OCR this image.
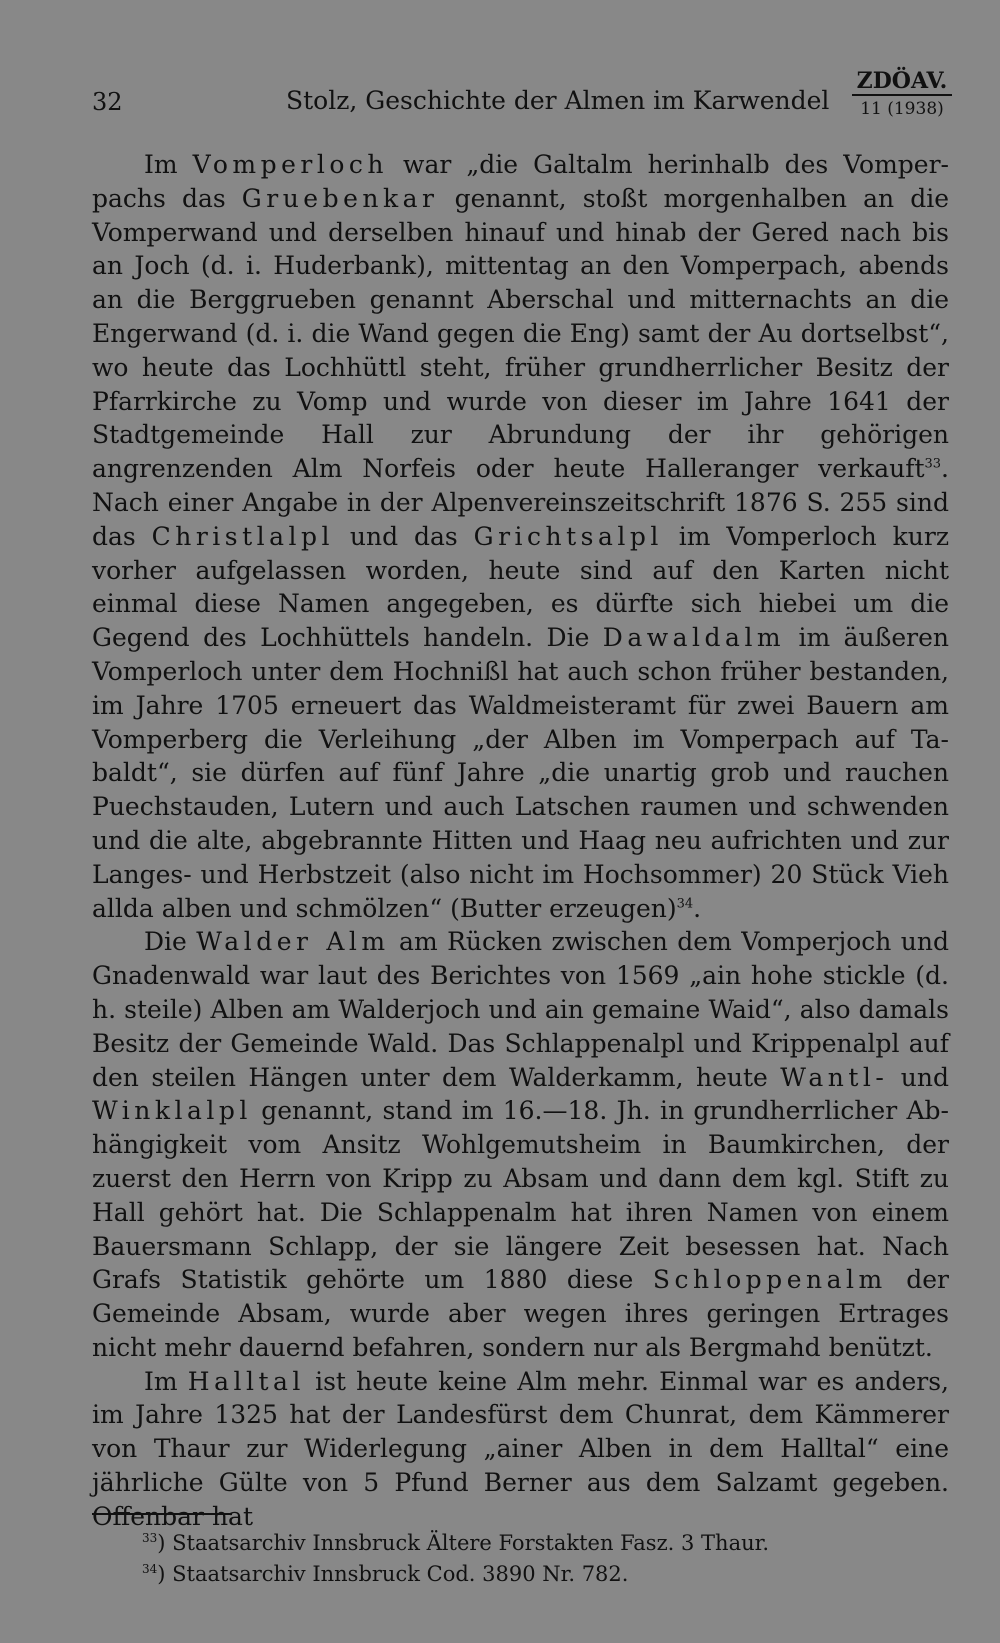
32	Stolz, Geschichte der Almen im Karwendel
ZDÖAV.
11 (1938)

Im Vomperloch war „die Galtalm herinhalb des Vomperpachs das Gruebenkar genannt, stoßt morgenhalben an die Vomperwand und derselben hinauf und hinab der Gered nach bis an Joch (d. i. Huderbank), mittentag an den Vomperpach, abends an die Berggrueben genannt Aberschal und mitternachts an die Engerwand (d. i. die Wand gegen die Eng) samt der Au dortselbst“, wo heute das Lochhüttl steht, früher grundherrlicher Besitz der Pfarrkirche zu Vomp und wurde von dieser im Jahre 1641 der Stadtgemeinde Hall zur Abrundung der ihr gehörigen angrenzenden Alm Norfeis oder heute Halleranger verkauft$^{33}$. Nach einer Angabe in der Alpenvereinszeitschrift 1876 S. 255 sind das Christlalpl und das Grichtsalpl im Vomperloch kurz vorher aufgelassen worden, heute sind auf den Karten nicht einmal diese Namen angegeben, es dürfte sich hiebei um die Gegend des Lochhüttels handeln. Die Dawaldalm im äußeren Vomperloch unter dem Hochnißl hat auch schon früher bestanden, im Jahre 1705 erneuert das Waldmeisteramt für zwei Bauern am Vomperberg die Verleihung „der Alben im Vomperpach auf Tabaldt“, sie dürfen auf fünf Jahre „die unartig grob und rauchen Puechstauden, Lutern und auch Latschen raumen und schwenden und die alte, abgebrannte Hitten und Haag neu aufrichten und zur Langes- und Herbstzeit (also nicht im Hochsommer) 20 Stück Vieh allda alben und schmölzen“ (Butter erzeugen)$^{34}$.

Die Walder Alm am Rücken zwischen dem Vomperjoch und Gnadenwald war laut des Berichtes von 1569 „ain hohe stickle (d. h. steile) Alben am Walderjoch und ain gemaine Waid“, also damals Besitz der Gemeinde Wald. Das Schlappenalpl und Krippenalpl auf den steilen Hängen unter dem Walderkamm, heute Wantl- und Winklalpl genannt, stand im 16.—18. Jh. in grundherrlicher Abhängigkeit vom Ansitz Wohlgemutsheim in Baumkirchen, der zuerst den Herrn von Kripp zu Absam und dann dem kgl. Stift zu Hall gehört hat. Die Schlappenalm hat ihren Namen von einem Bauersmann Schlapp, der sie längere Zeit besessen hat. Nach Grafs Statistik gehörte um 1880 diese Schloppenalm der Gemeinde Absam, wurde aber wegen ihres geringen Ertrages nicht mehr dauernd befahren, sondern nur als Bergmahd benützt.

Im Halltal ist heute keine Alm mehr. Einmal war es anders, im Jahre 1325 hat der Landesfürst dem Chunrat, dem Kämmerer von Thaur zur Widerlegung „ainer Alben in dem Halltal“ eine jährliche Gülte von 5 Pfund Berner aus dem Salzamt gegeben. Offenbar hat

$^{33}$) Staatsarchiv Innsbruck Ältere Forstakten Fasz. 3 Thaur.
$^{34}$) Staatsarchiv Innsbruck Cod. 3890 Nr. 782.
